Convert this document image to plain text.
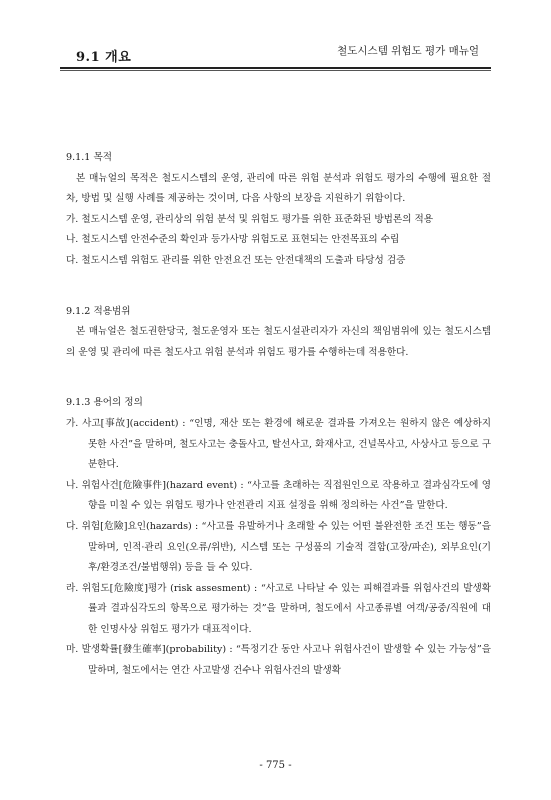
9.1 개요	철도시스템 위험도 평가 매뉴얼

9.1.1 목적

본 매뉴얼의 목적은 철도시스템의 운영, 관리에 따른 위험 분석과 위험도 평가의 수행에 필요한 절차, 방법 및 실행 사례를 제공하는 것이며, 다음 사항의 보장을 지원하기 위함이다.

가. 철도시스템 운영, 관리상의 위험 분석 및 위험도 평가를 위한 표준화된 방법론의 적용

나. 철도시스템 안전수준의 확인과 등가사망 위험도로 표현되는 안전목표의 수립

다. 철도시스템 위험도 관리를 위한 안전요건 또는 안전대책의 도출과 타당성 검증

9.1.2 적용범위

본 매뉴얼은 철도권한당국, 철도운영자 또는 철도시설관리자가 자신의 책임범위에 있는 철도시스템의 운영 및 관리에 따른 철도사고 위험 분석과 위험도 평가를 수행하는데 적용한다.

9.1.3 용어의 정의

가. 사고[事故](accident) : “인명, 재산 또는 환경에 해로운 결과를 가져오는 원하지 않은 예상하지 못한 사건”을 말하며, 철도사고는 충돌사고, 탈선사고, 화재사고, 건널목사고, 사상사고 등으로 구분한다.

나. 위험사건[危險事件](hazard event) : “사고를 초래하는 직접원인으로 작용하고 결과심각도에 영향을 미칠 수 있는 위험도 평가나 안전관리 지표 설정을 위해 정의하는 사건”을 말한다.

다. 위험[危險]요인(hazards) : “사고를 유발하거나 초래할 수 있는 어떤 불완전한 조건 또는 행동”을 말하며, 인적·관리 요인(오류/위반), 시스템 또는 구성품의 기술적 결함(고장/파손), 외부요인(기후/환경조건/불법행위) 등을 들 수 있다.

라. 위험도[危險度]평가 (risk assesment) : “사고로 나타날 수 있는 피해결과를 위험사건의 발생확률과 결과심각도의 항목으로 평가하는 것”을 말하며, 철도에서 사고종류별 여객/공중/직원에 대한 인명사상 위험도 평가가 대표적이다.

마. 발생확률[發生確率](probability) : “특정기간 동안 사고나 위험사건이 발생할 수 있는 가능성”을 말하며, 철도에서는 연간 사고발생 건수나 위험사건의 발생확

- 775 -
